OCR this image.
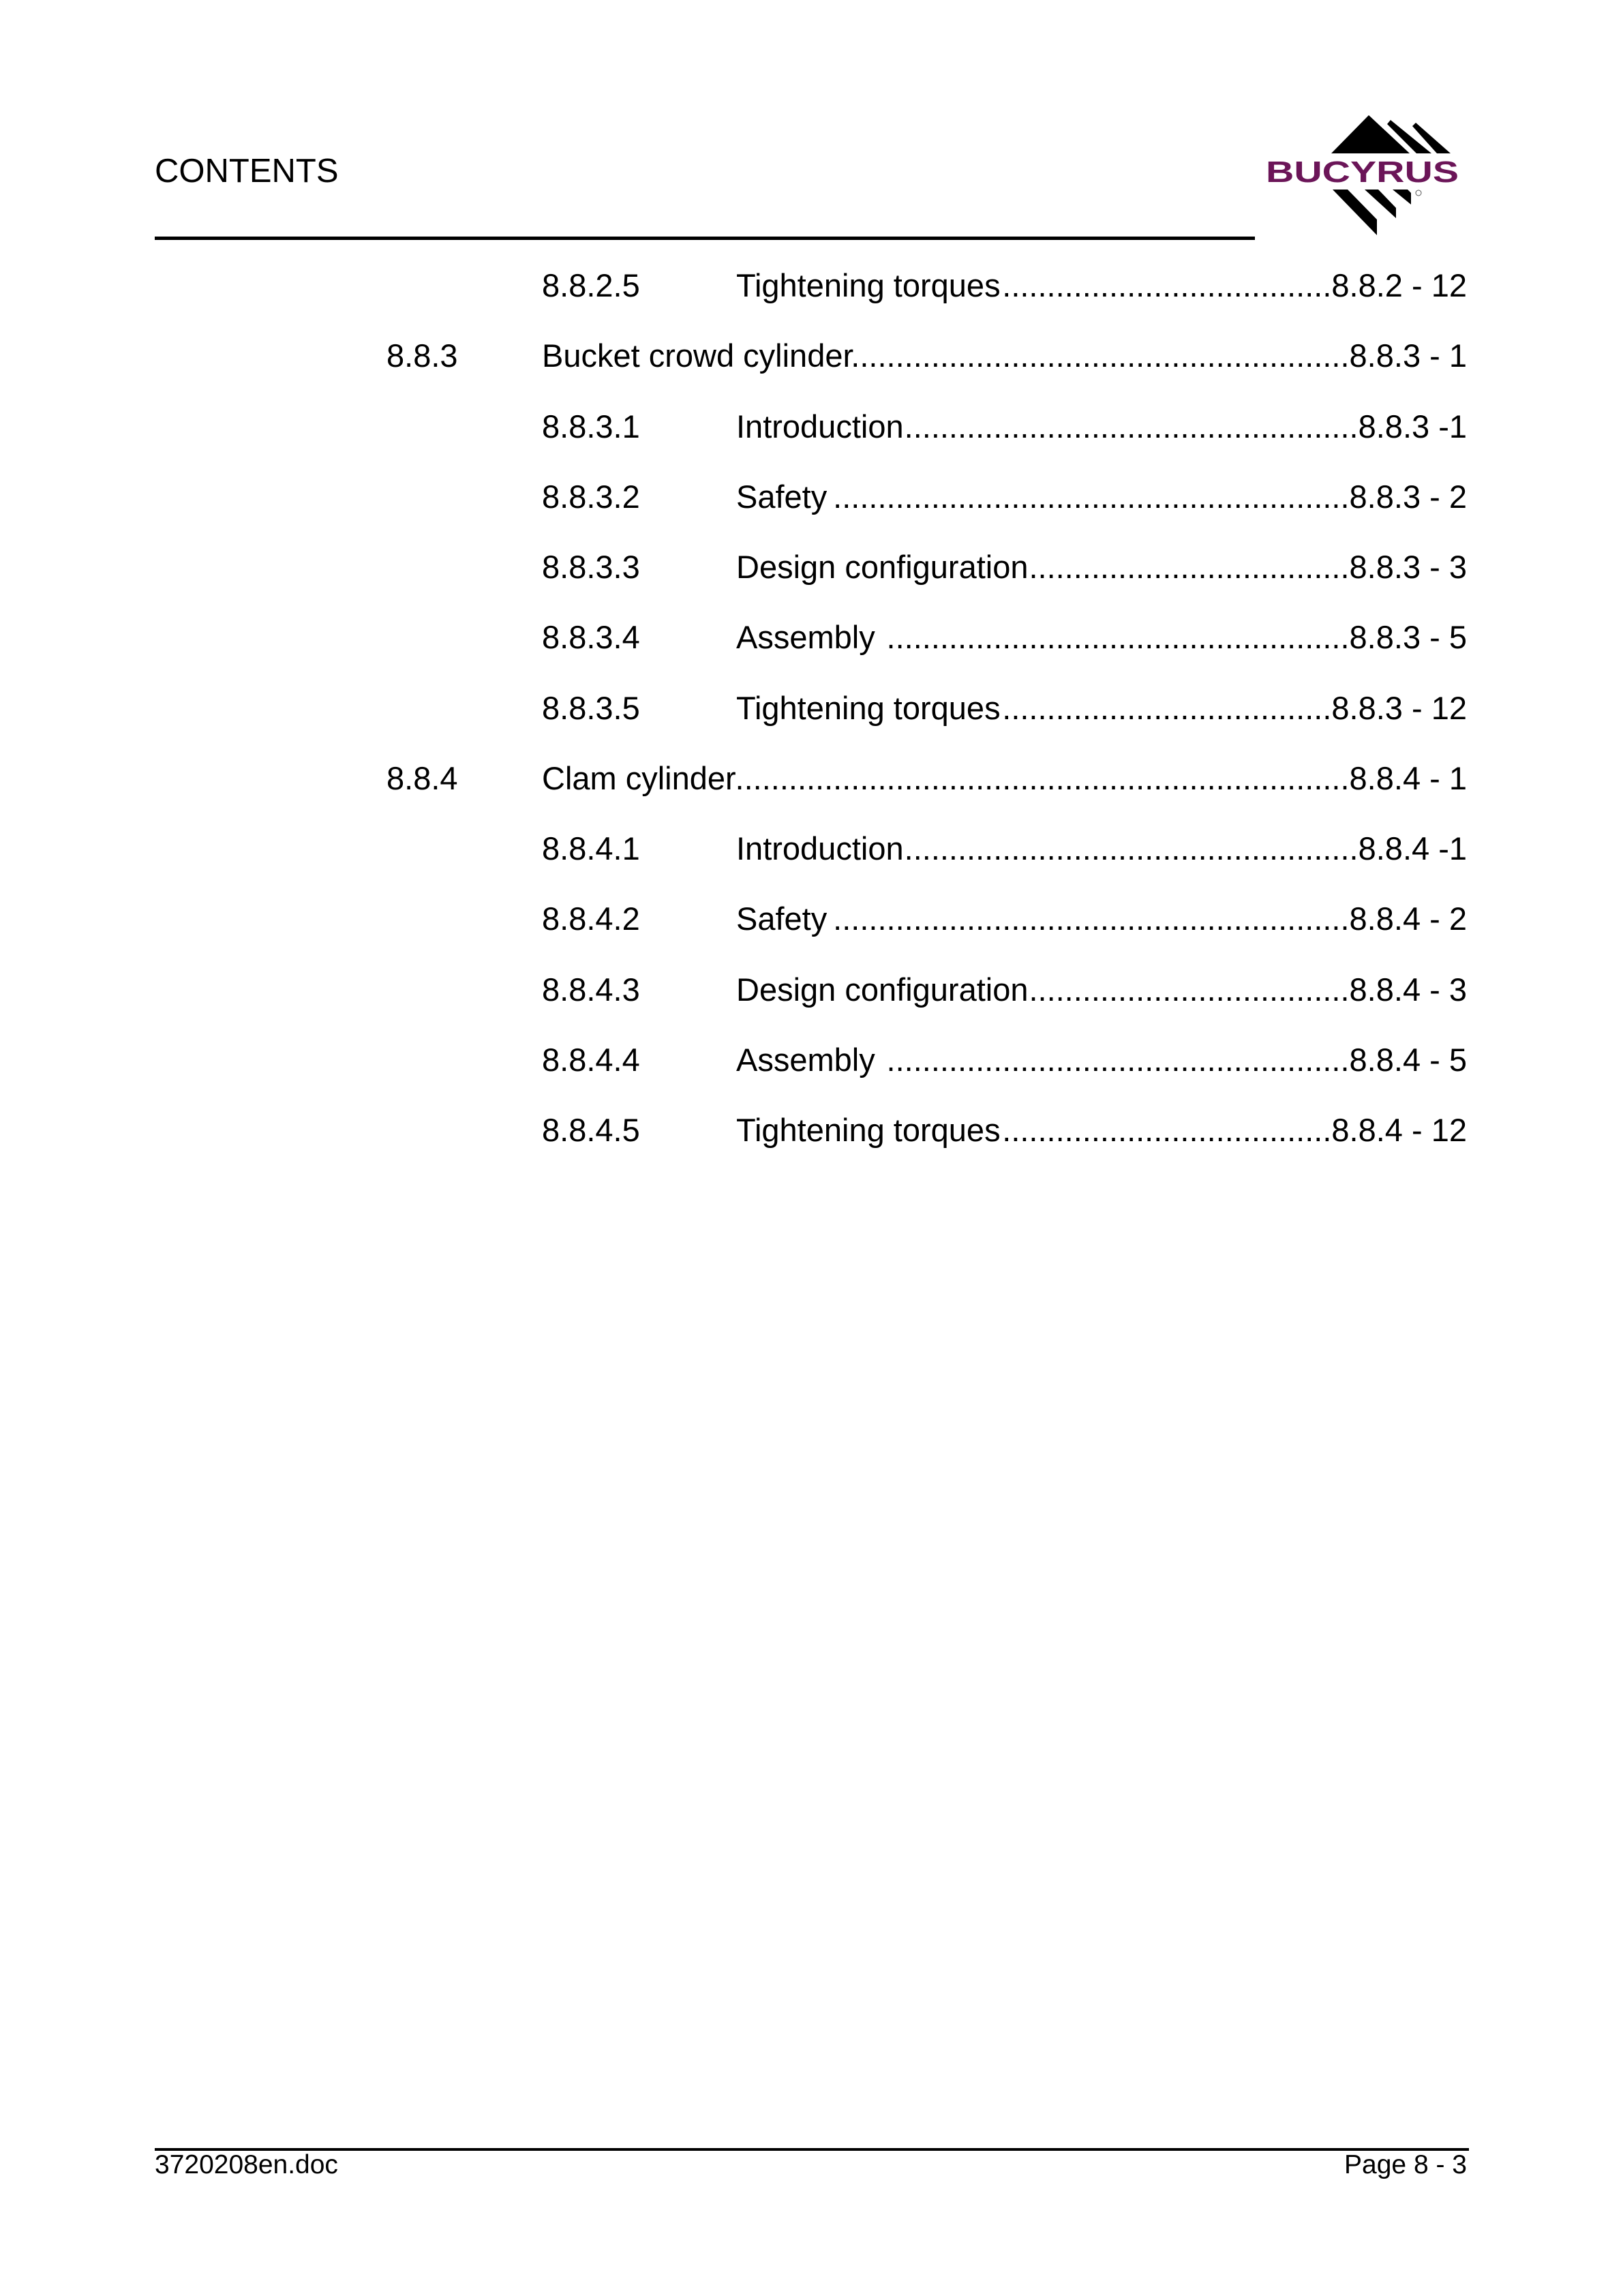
CONTENTS	BUCYRUS
8.8.2.5	Tightening torques .....	8.8.2 - 12
8.8.3	Bucket crowd cylinder .....	8.8.3 - 1
8.8.3.1	Introduction .....	8.8.3 -1
8.8.3.2	Safety .....	8.8.3 - 2
8.8.3.3	Design configuration .....	8.8.3 - 3
8.8.3.4	Assembly .....	8.8.3 - 5
8.8.3.5	Tightening torques .....	8.8.3 - 12
8.8.4	Clam cylinder .....	8.8.4 - 1
8.8.4.1	Introduction .....	8.8.4 -1
8.8.4.2	Safety .....	8.8.4 - 2
8.8.4.3	Design configuration .....	8.8.4 - 3
8.8.4.4	Assembly .....	8.8.4 - 5
8.8.4.5	Tightening torques .....	8.8.4 - 12
3720208en.doc	Page 8 - 3
